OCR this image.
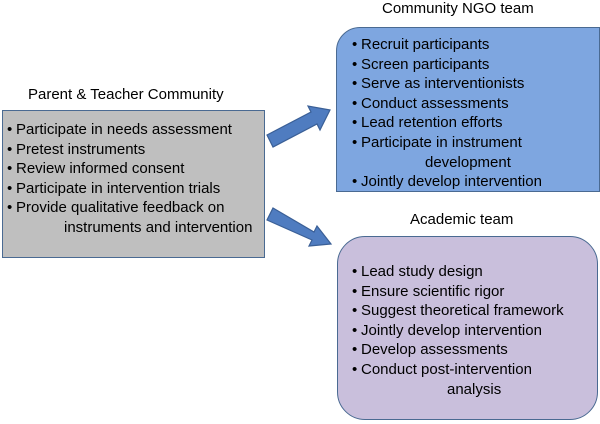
Parent & Teacher Community
Community NGO team
Academic team
• Participate in needs assessment
• Pretest instruments
• Review informed consent
• Participate in intervention trials
• Provide qualitative feedback on
instruments and intervention
• Recruit participants
• Screen participants
• Serve as interventionists
• Conduct assessments
• Lead retention efforts
• Participate in instrument
development
• Jointly develop intervention
• Lead study design
• Ensure scientific rigor
• Suggest theoretical framework
• Jointly develop intervention
• Develop assessments
• Conduct post-intervention
analysis
